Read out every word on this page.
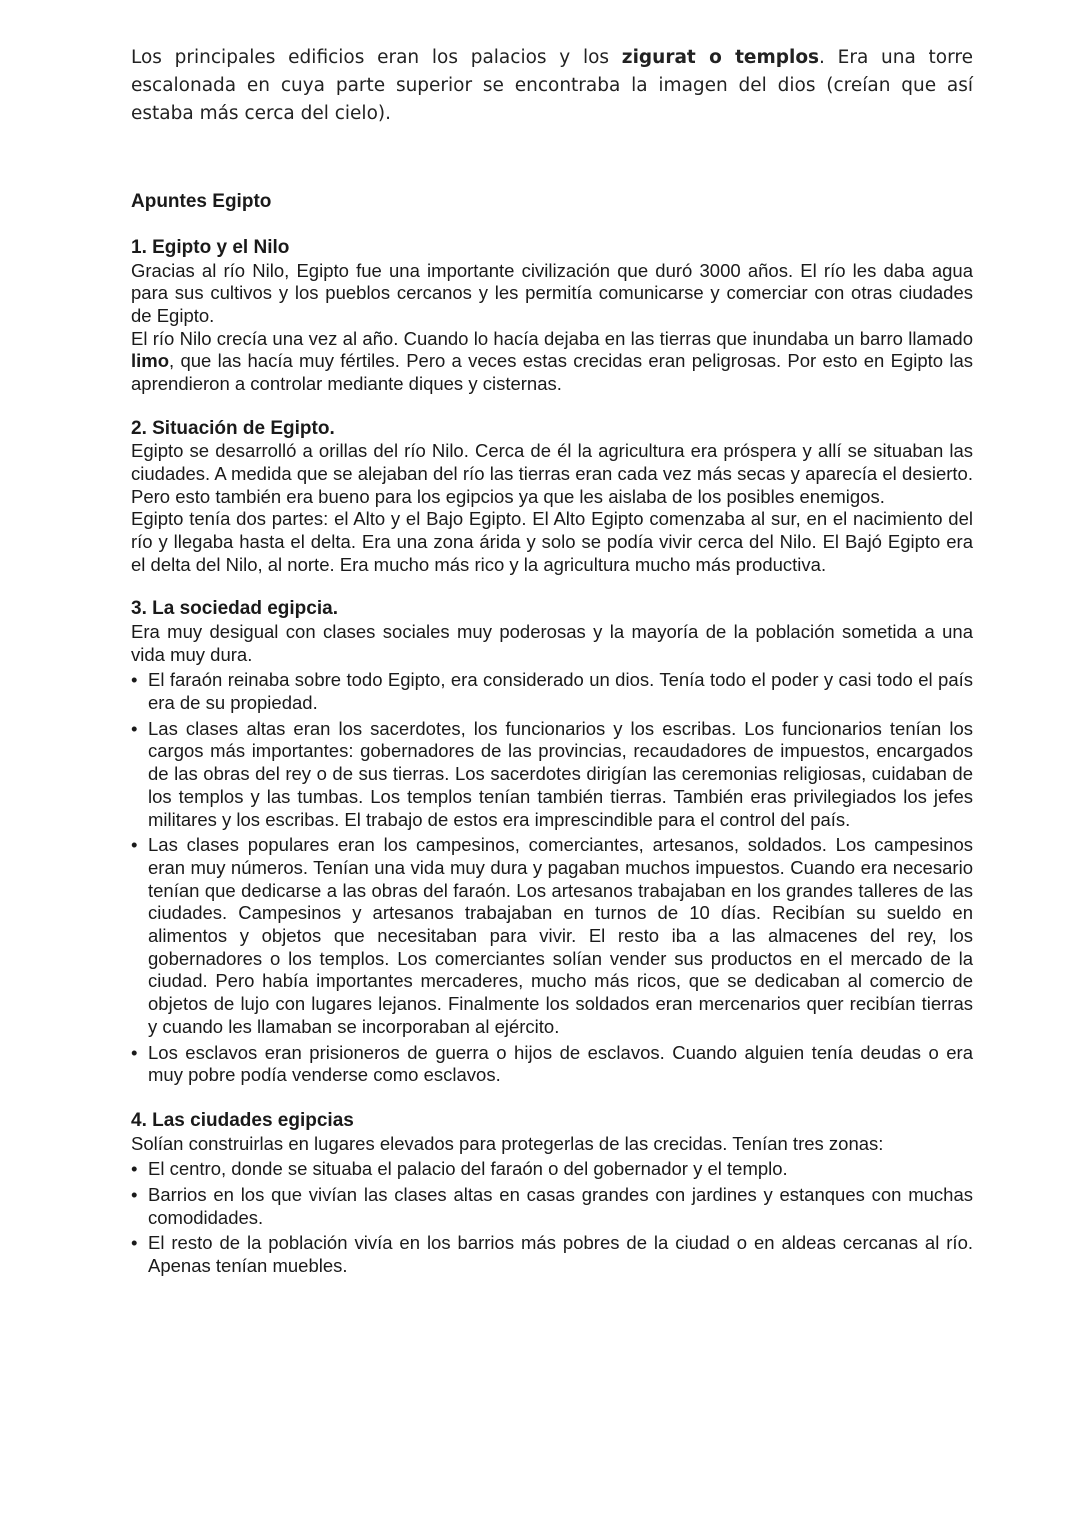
Los principales edificios eran los palacios y los zigurat o templos. Era una torre escalonada en cuya parte superior se encontraba la imagen del dios (creían que así estaba más cerca del cielo).

Apuntes Egipto
1. Egipto y el Nilo

Gracias al río Nilo, Egipto fue una importante civilización que duró 3000 años. El río les daba agua para sus cultivos y los pueblos cercanos y les permitía comunicarse y comerciar con otras ciudades de Egipto.

El río Nilo crecía una vez al año. Cuando lo hacía dejaba en las tierras que inundaba un barro llamado limo, que las hacía muy fértiles. Pero a veces estas crecidas eran peligrosas. Por esto en Egipto las aprendieron a controlar mediante diques y cisternas.

2. Situación de Egipto.

Egipto se desarrolló a orillas del río Nilo. Cerca de él la agricultura era próspera y allí se situaban las ciudades. A medida que se alejaban del río las tierras eran cada vez más secas y aparecía el desierto. Pero esto también era bueno para los egipcios ya que les aislaba de los posibles enemigos.

Egipto tenía dos partes: el Alto y el Bajo Egipto. El Alto Egipto comenzaba al sur, en el nacimiento del río y llegaba hasta el delta. Era una zona árida y solo se podía vivir cerca del Nilo. El Bajó Egipto era el delta del Nilo, al norte. Era mucho más rico y la agricultura mucho más productiva.

3. La sociedad egipcia.

Era muy desigual con clases sociales muy poderosas y la mayoría de la población sometida a una vida muy dura.

• El faraón reinaba sobre todo Egipto, era considerado un dios. Tenía todo el poder y casi todo el país era de su propiedad.
• Las clases altas eran los sacerdotes, los funcionarios y los escribas. Los funcionarios tenían los cargos más importantes: gobernadores de las provincias, recaudadores de impuestos, encargados de las obras del rey o de sus tierras. Los sacerdotes dirigían las ceremonias religiosas, cuidaban de los templos y las tumbas. Los templos tenían también tierras. También eras privilegiados los jefes militares y los escribas. El trabajo de estos era imprescindible para el control del país.
• Las clases populares eran los campesinos, comerciantes, artesanos, soldados. Los campesinos eran muy números. Tenían una vida muy dura y pagaban muchos impuestos. Cuando era necesario tenían que dedicarse a las obras del faraón. Los artesanos trabajaban en los grandes talleres de las ciudades. Campesinos y artesanos trabajaban en turnos de 10 días. Recibían su sueldo en alimentos y objetos que necesitaban para vivir. El resto iba a las almacenes del rey, los gobernadores o los templos. Los comerciantes solían vender sus productos en el mercado de la ciudad. Pero había importantes mercaderes, mucho más ricos, que se dedicaban al comercio de objetos de lujo con lugares lejanos. Finalmente los soldados eran mercenarios quer recibían tierras y cuando les llamaban se incorporaban al ejército.
• Los esclavos eran prisioneros de guerra o hijos de esclavos. Cuando alguien tenía deudas o era muy pobre podía venderse como esclavos.
4. Las ciudades egipcias

Solían construirlas en lugares elevados para protegerlas de las crecidas. Tenían tres zonas:

• El centro, donde se situaba el palacio del faraón o del gobernador y el templo.
• Barrios en los que vivían las clases altas en casas grandes con jardines y estanques con muchas comodidades.
• El resto de la población vivía en los barrios más pobres de la ciudad o en aldeas cercanas al río. Apenas tenían muebles.
